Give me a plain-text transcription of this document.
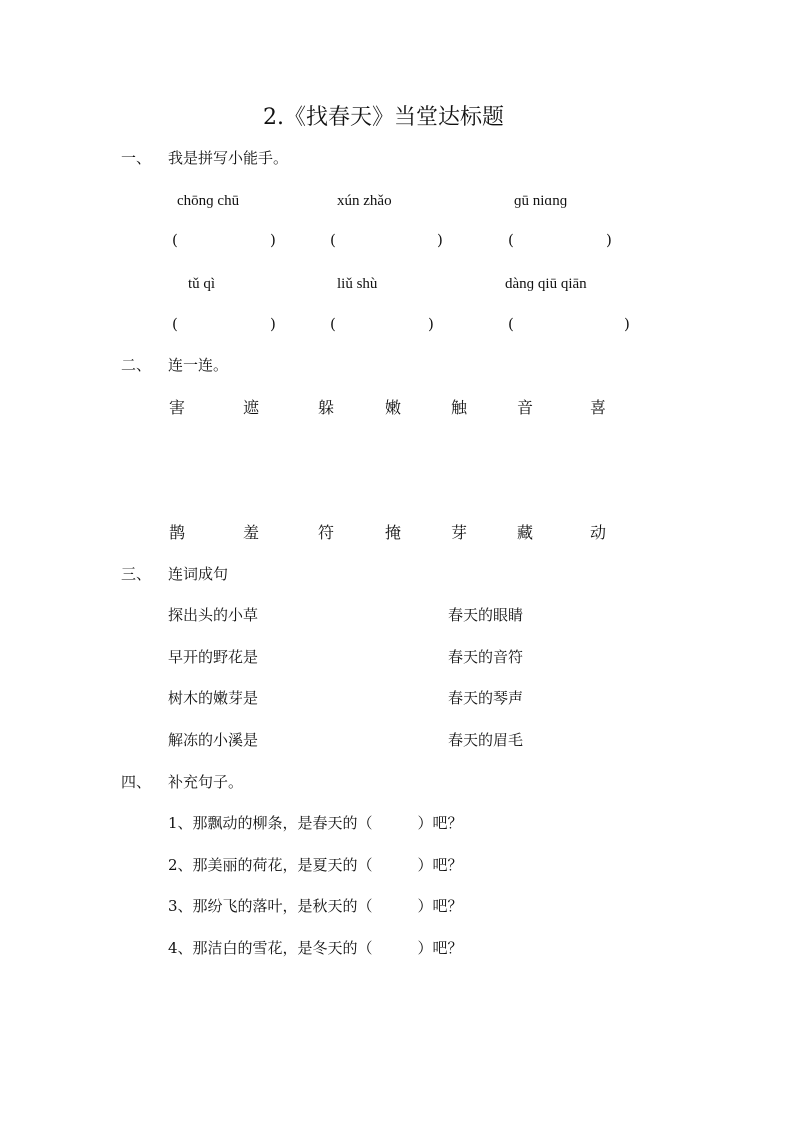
2.《找春天》当堂达标题
一、 我是拼写小能手。
chōnɡ chū	xún zhǎo	ɡū niɑnɡ
(	)	(	)	(	)
tǔ qì	liǔ shù	dànɡ qiū qiān
(	)	(	)	(	)
二、 连一连。
害	遮	躲	嫩	触	音	喜
鹊	羞	符	掩	芽	藏	动
三、 连词成句
探出头的小草	春天的眼睛
早开的野花是	春天的音符
树木的嫩芽是	春天的琴声
解冻的小溪是	春天的眉毛
四、 补充句子。
1、那飘动的柳条，是春天的（　　　）吧？
2、那美丽的荷花，是夏天的（　　　）吧？
3、那纷飞的落叶，是秋天的（　　　）吧？
4、那洁白的雪花，是冬天的（　　　）吧？
